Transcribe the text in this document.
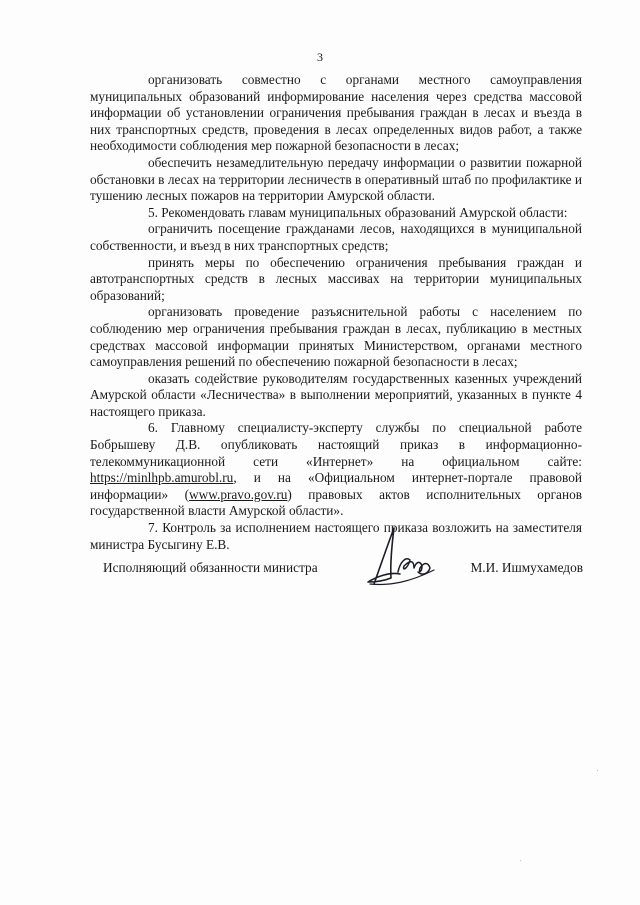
3

организовать совместно с органами местного самоуправления муниципальных образований информирование населения через средства массовой информации об установлении ограничения пребывания граждан в лесах и въезда в них транспортных средств, проведения в лесах определенных видов работ, а также необходимости соблюдения мер пожарной безопасности в лесах;

обеспечить незамедлительную передачу информации о развитии пожарной обстановки в лесах на территории лесничеств в оперативный штаб по профилактике и тушению лесных пожаров на территории Амурской области.

5. Рекомендовать главам муниципальных образований Амурской области:

ограничить посещение гражданами лесов, находящихся в муниципальной собственности, и въезд в них транспортных средств;

принять меры по обеспечению ограничения пребывания граждан и автотранспортных средств в лесных массивах на территории муниципальных образований;

организовать проведение разъяснительной работы с населением по соблюдению мер ограничения пребывания граждан в лесах, публикацию в местных средствах массовой информации принятых Министерством, органами местного самоуправления решений по обеспечению пожарной безопасности в лесах;

оказать содействие руководителям государственных казенных учреждений Амурской области «Лесничества» в выполнении мероприятий, указанных в пункте 4 настоящего приказа.

6. Главному специалисту-эксперту службы по специальной работе Бобрышеву Д.В. опубликовать настоящий приказ в информационно-телекоммуникационной сети «Интернет» на официальном сайте: https://minlhpb.amurobl.ru, и на «Официальном интернет-портале правовой информации» (www.pravo.gov.ru) правовых актов исполнительных органов государственной власти Амурской области».

7. Контроль за исполнением настоящего приказа возложить на заместителя министра Бусыгину Е.В.

Исполняющий обязанности министра	М.И. Ишмухамедов
